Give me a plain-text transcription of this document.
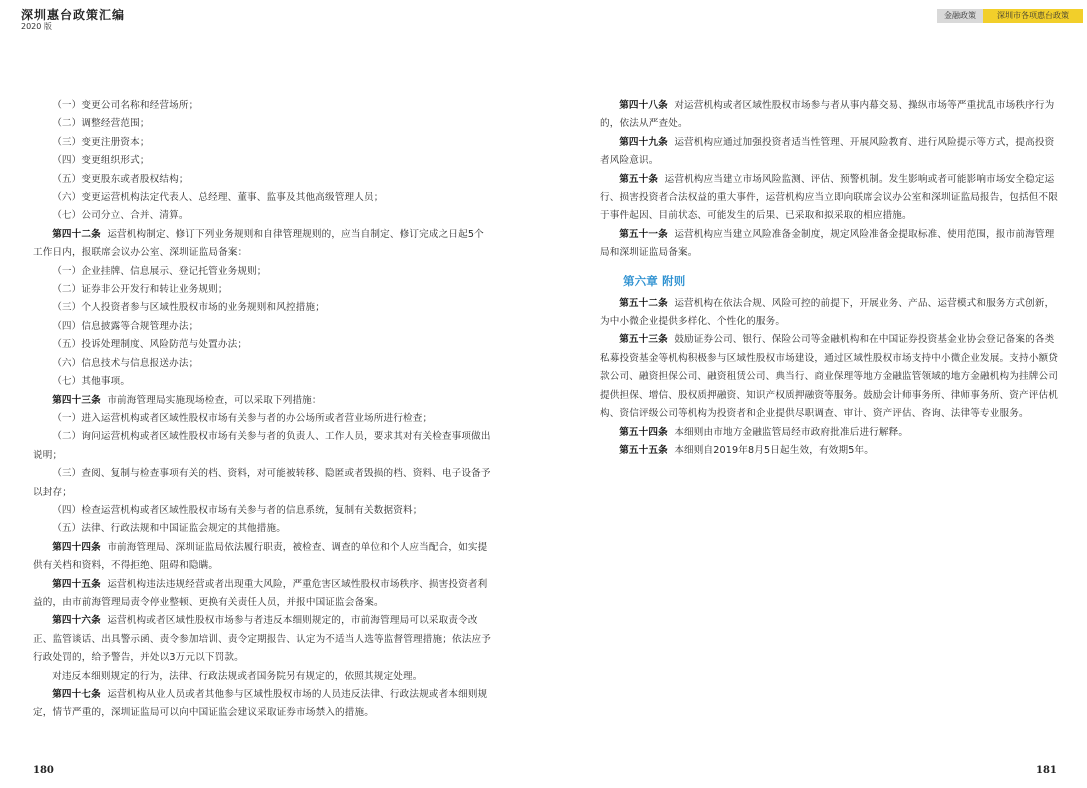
深圳惠台政策汇编
2020 版
金融政策	深圳市各项惠台政策

（一）变更公司名称和经营场所；

（二）调整经营范围；

（三）变更注册资本；

（四）变更组织形式；

（五）变更股东或者股权结构；

（六）变更运营机构法定代表人、总经理、董事、监事及其他高级管理人员；

（七）公司分立、合并、清算。

第四十二条 运营机构制定、修订下列业务规则和自律管理规则的，应当自制定、修订完成之日起5个工作日内，报联席会议办公室、深圳证监局备案：

（一）企业挂牌、信息展示、登记托管业务规则；

（二）证券非公开发行和转让业务规则；

（三）个人投资者参与区域性股权市场的业务规则和风控措施；

（四）信息披露等合规管理办法；

（五）投诉处理制度、风险防范与处置办法；

（六）信息技术与信息报送办法；

（七）其他事项。

第四十三条 市前海管理局实施现场检查，可以采取下列措施：

（一）进入运营机构或者区域性股权市场有关参与者的办公场所或者营业场所进行检查；

（二）询问运营机构或者区域性股权市场有关参与者的负责人、工作人员，要求其对有关检查事项做出说明；

（三）查阅、复制与检查事项有关的档、资料，对可能被转移、隐匿或者毁损的档、资料、电子设备予以封存；

（四）检查运营机构或者区域性股权市场有关参与者的信息系统，复制有关数据资料；

（五）法律、行政法规和中国证监会规定的其他措施。

第四十四条 市前海管理局、深圳证监局依法履行职责，被检查、调查的单位和个人应当配合，如实提供有关档和资料，不得拒绝、阻碍和隐瞒。

第四十五条 运营机构违法违规经营或者出现重大风险，严重危害区域性股权市场秩序、损害投资者利益的，由市前海管理局责令停业整顿、更换有关责任人员，并报中国证监会备案。

第四十六条 运营机构或者区域性股权市场参与者违反本细则规定的，市前海管理局可以采取责令改正、监管谈话、出具警示函、责令参加培训、责令定期报告、认定为不适当人选等监督管理措施；依法应予行政处罚的，给予警告，并处以3万元以下罚款。

对违反本细则规定的行为，法律、行政法规或者国务院另有规定的，依照其规定处理。

第四十七条 运营机构从业人员或者其他参与区域性股权市场的人员违反法律、行政法规或者本细则规定，情节严重的，深圳证监局可以向中国证监会建议采取证券市场禁入的措施。

第四十八条 对运营机构或者区域性股权市场参与者从事内幕交易、操纵市场等严重扰乱市场秩序行为的，依法从严查处。

第四十九条 运营机构应通过加强投资者适当性管理、开展风险教育、进行风险提示等方式，提高投资者风险意识。

第五十条 运营机构应当建立市场风险监测、评估、预警机制。发生影响或者可能影响市场安全稳定运行、损害投资者合法权益的重大事件，运营机构应当立即向联席会议办公室和深圳证监局报告，包括但不限于事件起因、目前状态、可能发生的后果、已采取和拟采取的相应措施。

第五十一条 运营机构应当建立风险准备金制度，规定风险准备金提取标准、使用范围，报市前海管理局和深圳证监局备案。

第六章 附则

第五十二条 运营机构在依法合规、风险可控的前提下，开展业务、产品、运营模式和服务方式创新，为中小微企业提供多样化、个性化的服务。

第五十三条 鼓励证券公司、银行、保险公司等金融机构和在中国证券投资基金业协会登记备案的各类私募投资基金等机构积极参与区域性股权市场建设，通过区域性股权市场支持中小微企业发展。支持小额贷款公司、融资担保公司、融资租赁公司、典当行、商业保理等地方金融监管领域的地方金融机构为挂牌公司提供担保、增信、股权质押融资、知识产权质押融资等服务。鼓励会计师事务所、律师事务所、资产评估机构、资信评级公司等机构为投资者和企业提供尽职调查、审计、资产评估、咨询、法律等专业服务。

第五十四条 本细则由市地方金融监管局经市政府批准后进行解释。

第五十五条 本细则自2019年8月5日起生效，有效期5年。

180	181
